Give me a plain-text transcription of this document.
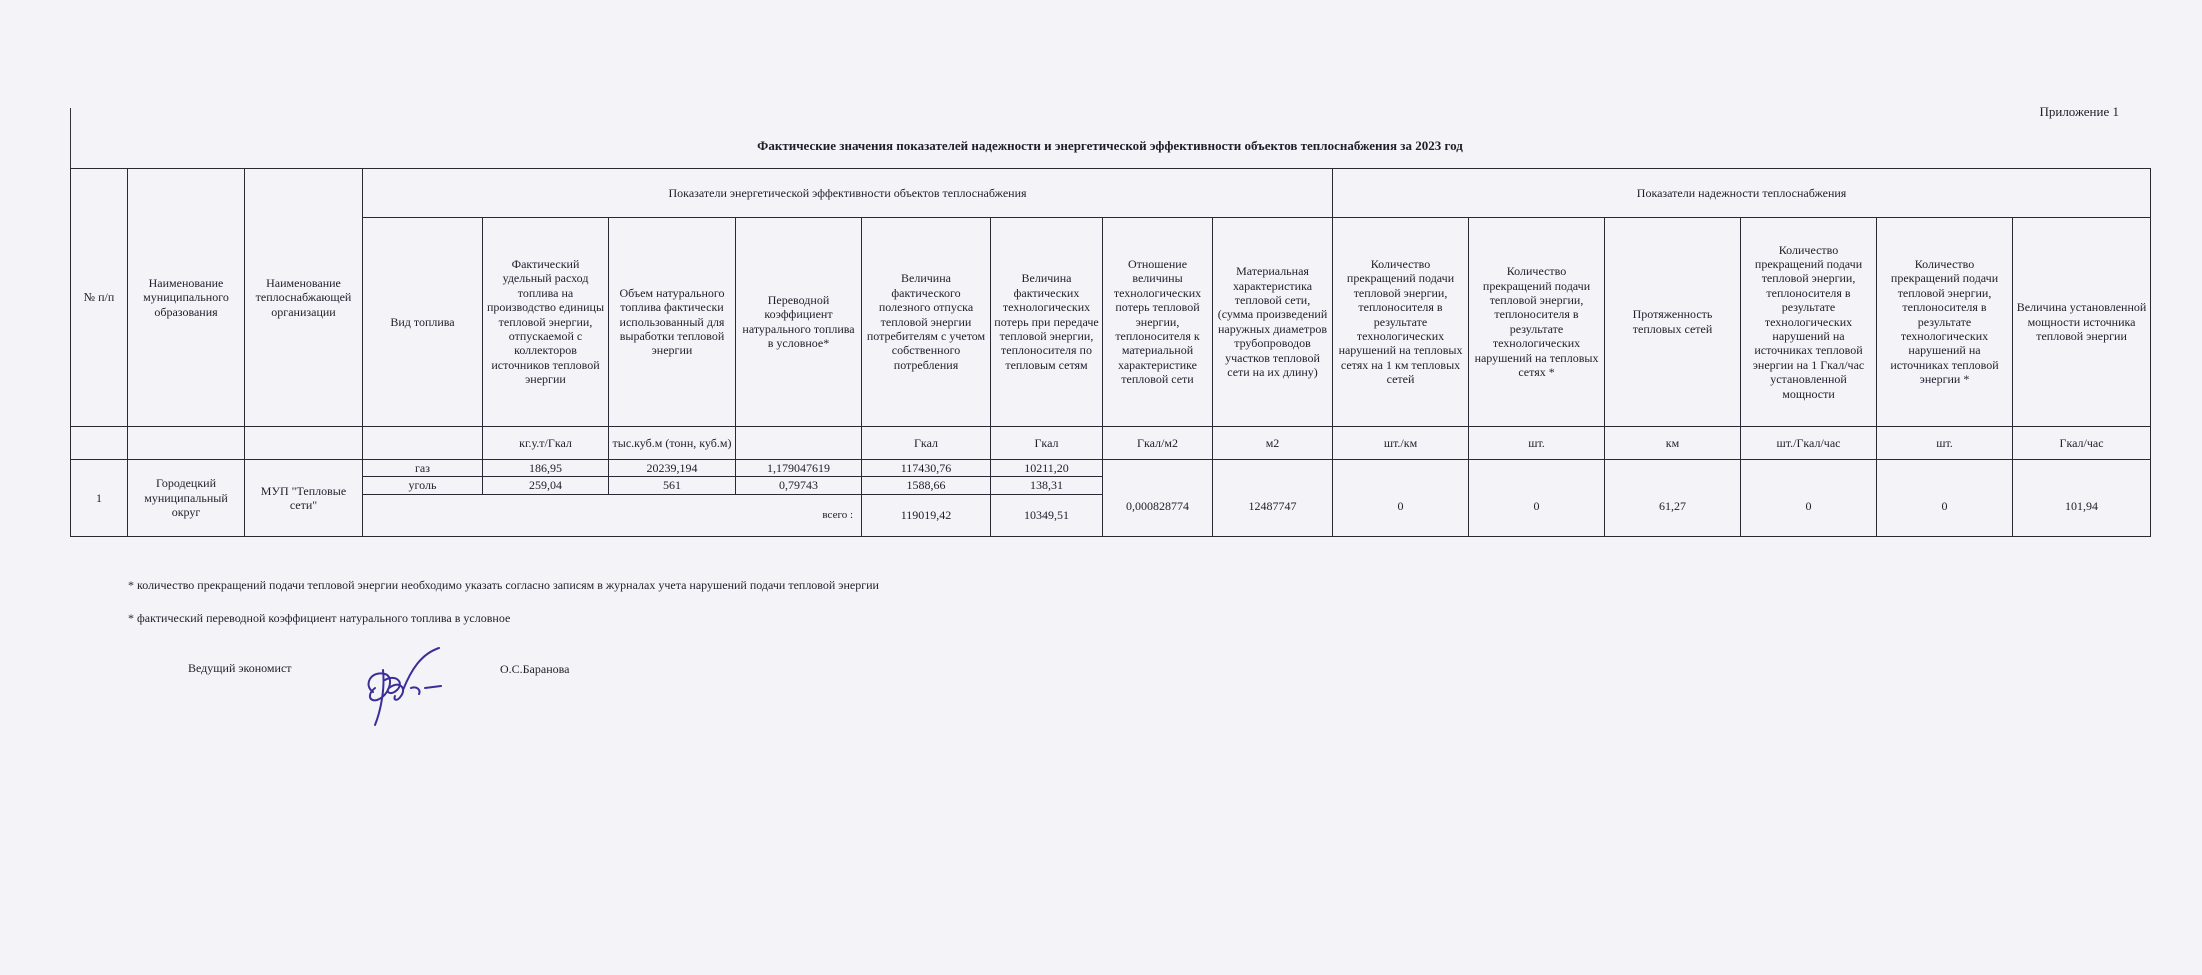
Приложение 1
Фактические значения показателей надежности и энергетической эффективности объектов теплоснабжения за 2023 год
№ п/п	Наименование муниципального образования	Наименование теплоснабжающей организации	Показатели энергетической эффективности объектов теплоснабжения								Показатели надежности теплоснабжения					
			Вид топлива	Фактический удельный расход топлива на производство единицы тепловой энергии, отпускаемой с коллекторов источников тепловой энергии	Объем натурального топлива фактически использованный для выработки тепловой энергии	Переводной коэффициент натурального топлива в условное*	Величина фактического полезного отпуска тепловой энергии потребителям с учетом собственного потребления	Величина фактических технологических потерь при передаче тепловой энергии, теплоносителя по тепловым сетям	Отношение величины технологических потерь тепловой энергии, теплоносителя к материальной характеристике тепловой сети	Материальная характеристика тепловой сети, (сумма произведений наружных диаметров трубопроводов участков тепловой сети на их длину)	Количество прекращений подачи тепловой энергии, теплоносителя в результате технологических нарушений на тепловых сетях на 1 км тепловых сетей	Количество прекращений подачи тепловой энергии, теплоносителя в результате технологических нарушений на тепловых сетях *	Протяженность тепловых сетей	Количество прекращений подачи тепловой энергии, теплоносителя в результате технологических нарушений на источниках тепловой энергии на 1 Гкал/час установленной мощности	Количество прекращений подачи тепловой энергии, теплоносителя в результате технологических нарушений на источниках тепловой энергии *	Величина установленной мощности источника тепловой энергии
				кг.у.т/Гкал	тыс.куб.м (тонн, куб.м)		Гкал	Гкал	Гкал/м2	м2	шт./км	шт.	км	шт./Гкал/час	шт.	Гкал/час
1	Городецкий муниципальный округ	МУП "Тепловые сети"	газ	186,95	20239,194	1,179047619	117430,76	10211,20								
			уголь	259,04	561	0,79743	1588,66	138,31	0,000828774	12487747	0	0	61,27	0	0	101,94
			всего :				119019,42	10349,51								
* количество прекращений подачи тепловой энергии необходимо указать согласно записям в журналах учета нарушений подачи тепловой энергии
* фактический переводной коэффициент натурального топлива в условное
Ведущий экономист	О.С.Баранова
